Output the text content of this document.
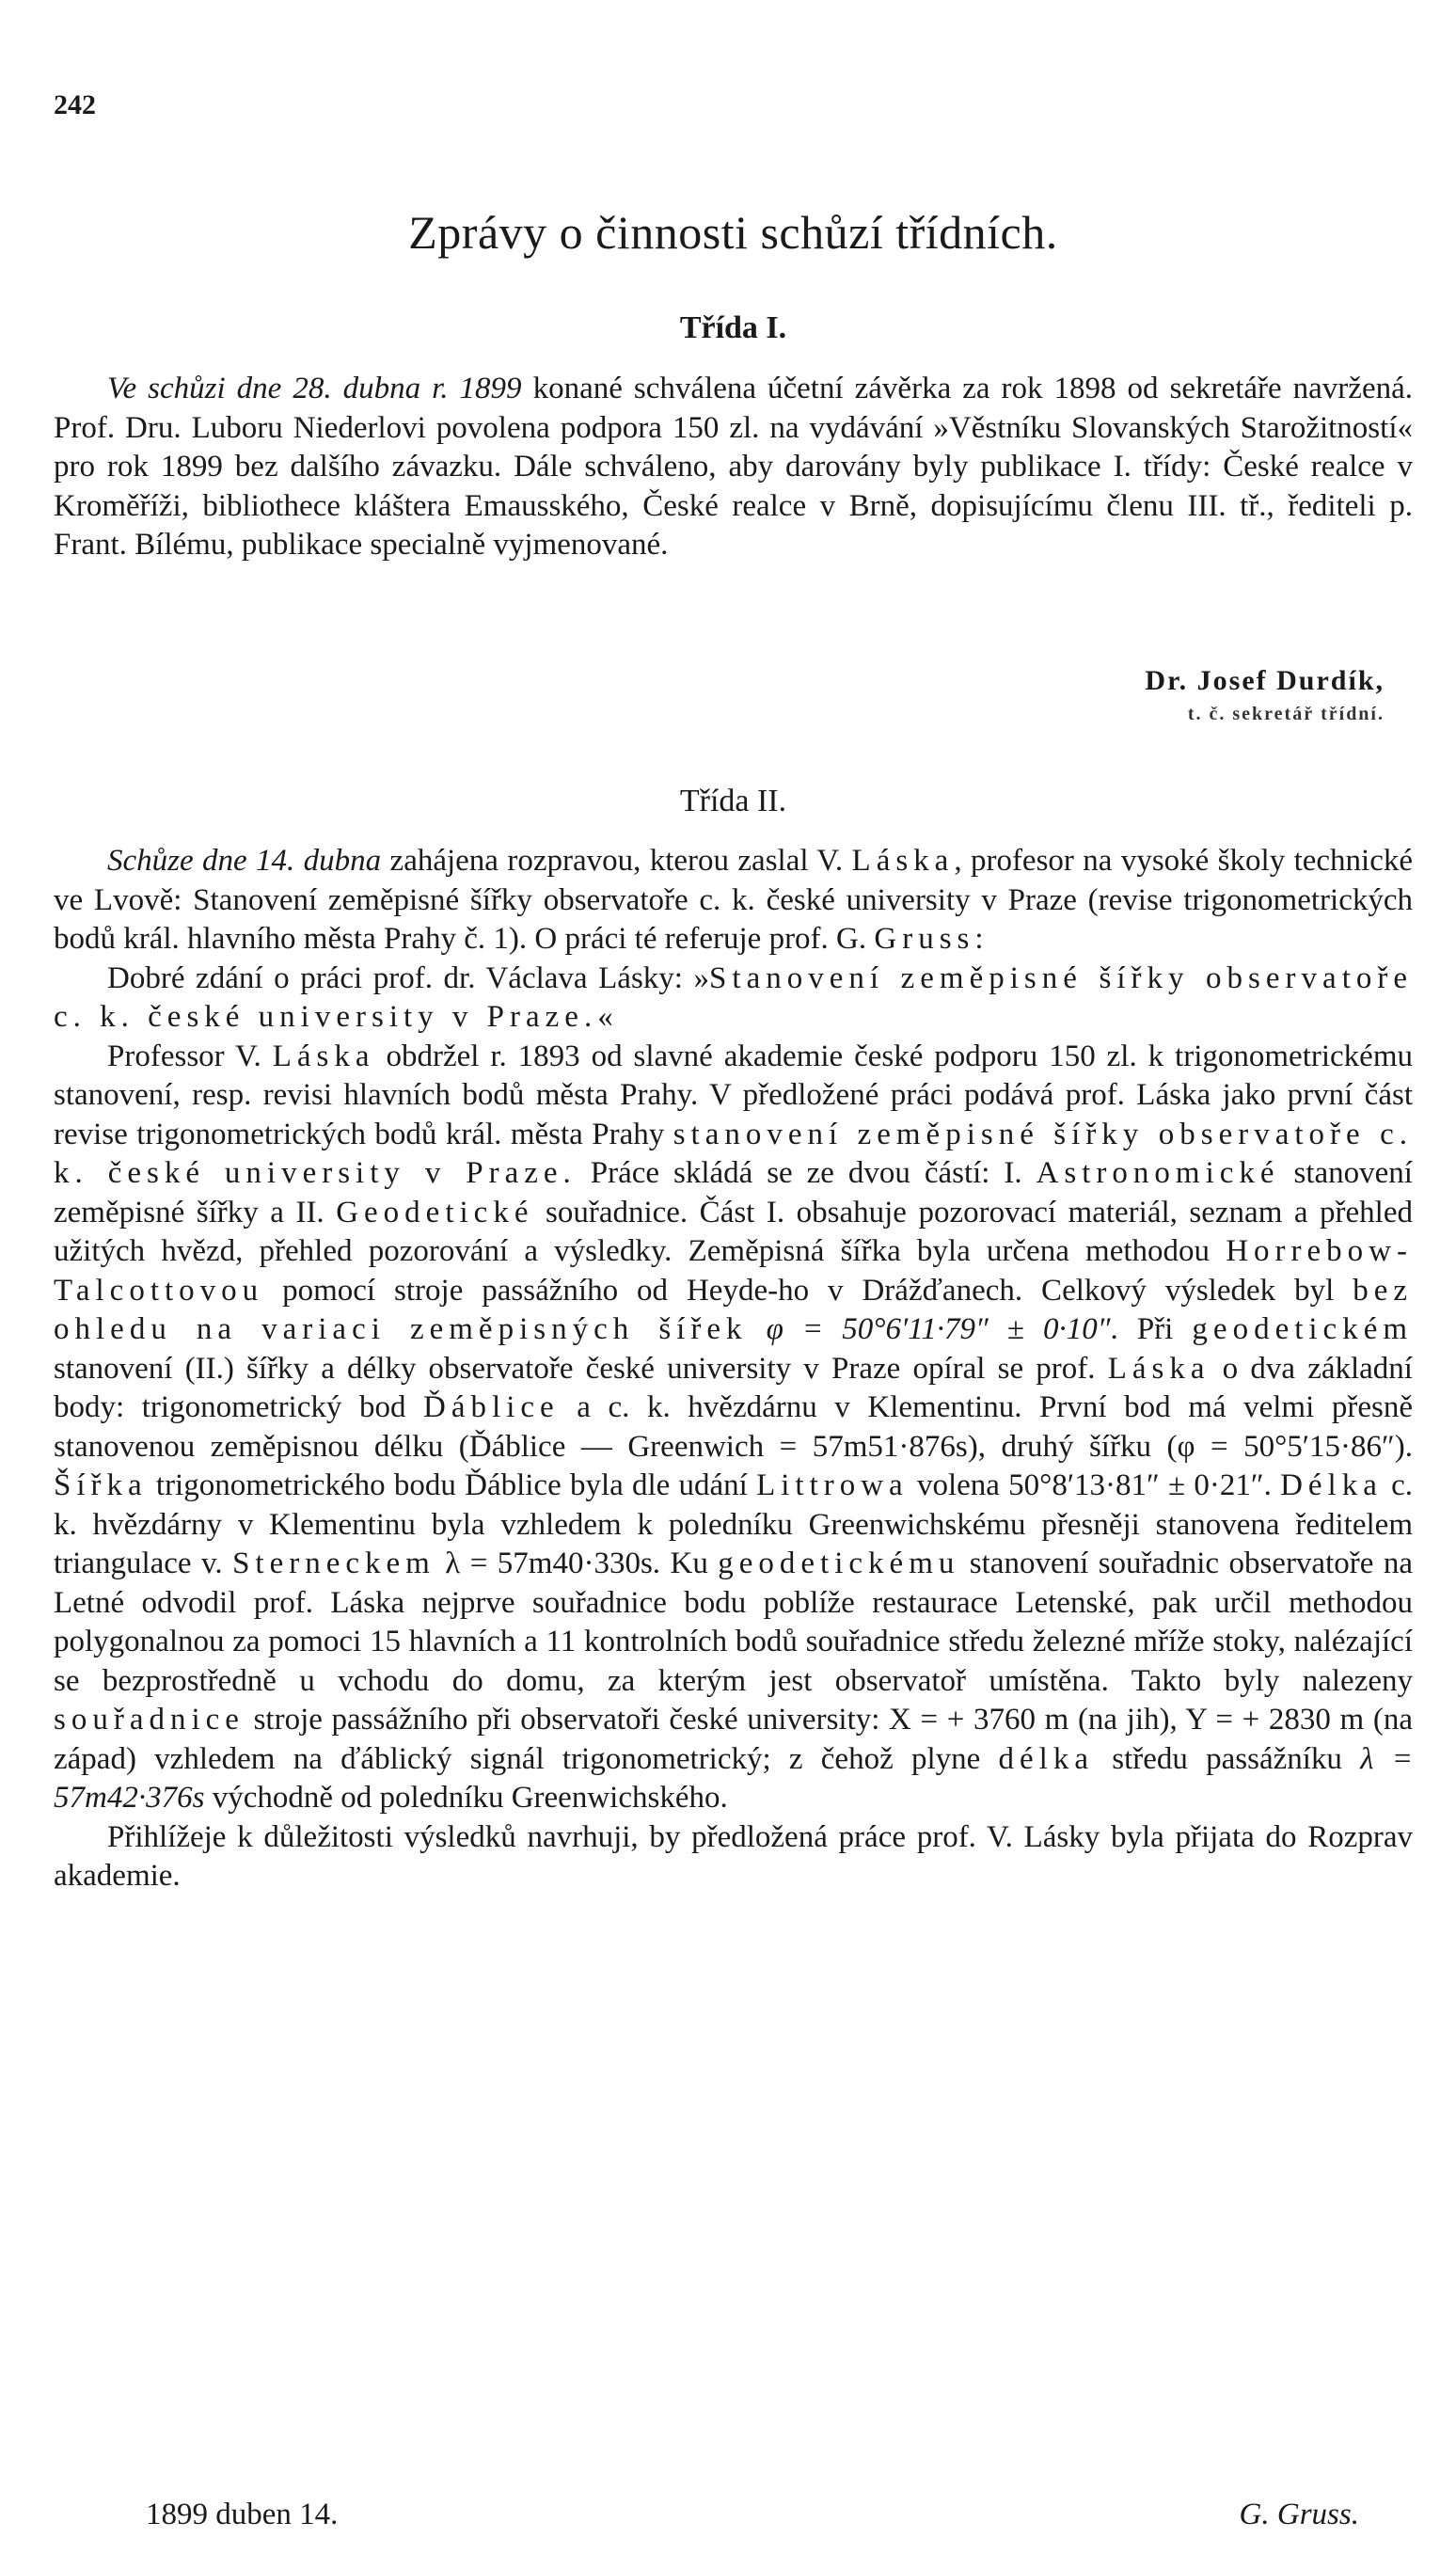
242
Zprávy o činnosti schůzí třídních.
Třída I.

Ve schůzi dne 28. dubna r. 1899 konané schválena účetní závěrka za rok 1898 od sekretáře navržená. Prof. Dru. Luboru Niederlovi povolena podpora 150 zl. na vydávání »Věstníku Slovanských Starožitností« pro rok 1899 bez dalšího závazku. Dále schváleno, aby darovány byly publikace I. třídy: České realce v Kroměříži, bibliothece kláštera Emausského, České realce v Brně, dopisujícímu členu III. tř., řediteli p. Frant. Bílému, publikace specialně vyjmenované.

Dr. Josef Durdík,
t. č. sekretář třídní.
Třída II.

Schůze dne 14. dubna zahájena rozpravou, kterou zaslal V. Láska, profesor na vysoké školy technické ve Lvově: Stanovení zeměpisné šířky observatoře c. k. české university v Praze (revise trigonometrických bodů král. hlavního města Prahy č. 1). O práci té referuje prof. G. Gruss:

Dobré zdání o práci prof. dr. Václava Lásky: »Stanovení zeměpisné šířky observatoře c. k. české university v Praze.«

Professor V. Láska obdržel r. 1893 od slavné akademie české podporu 150 zl. k trigonometrickému stanovení, resp. revisi hlavních bodů města Prahy. V předložené práci podává prof. Láska jako první část revise trigonometrických bodů král. města Prahy stanovení zeměpisné šířky observatoře c. k. české university v Praze. Práce skládá se ze dvou částí: I. Astronomické stanovení zeměpisné šířky a II. Geodetické souřadnice. Část I. obsahuje pozorovací materiál, seznam a přehled užitých hvězd, přehled pozorování a výsledky. Zeměpisná šířka byla určena methodou Horrebow-Talcottovou pomocí stroje passážního od Heyde-ho v Drážďanech. Celkový výsledek byl bez ohledu na variaci zeměpisných šířek φ = 50°6′11·79″ ± 0·10″. Při geodetickém stanovení (II.) šířky a délky observatoře české university v Praze opíral se prof. Láska o dva základní body: trigonometrický bod Ďáblice a c. k. hvězdárnu v Klementinu. První bod má velmi přesně stanovenou zeměpisnou délku (Ďáblice — Greenwich = 57m51·876s), druhý šířku (φ = 50°5′15·86″). Šířka trigonometrického bodu Ďáblice byla dle udání Littrowa volena 50°8′13·81″ ± 0·21″. Délka c. k. hvězdárny v Klementinu byla vzhledem k poledníku Greenwichskému přesněji stanovena ředitelem triangulace v. Sterneckem λ = 57m40·330s. Ku geodetickému stanovení souřadnic observatoře na Letné odvodil prof. Láska nejprve souřadnice bodu poblíže restaurace Letenské, pak určil methodou polygonalnou za pomoci 15 hlavních a 11 kontrolních bodů souřadnice středu železné mříže stoky, nalézající se bezprostředně u vchodu do domu, za kterým jest observatoř umístěna. Takto byly nalezeny souřadnice stroje passážního při observatoři české university: X = + 3760 m (na jih), Y = + 2830 m (na západ) vzhledem na ďáblický signál trigonometrický; z čehož plyne délka středu passážníku λ = 57m42·376s východně od poledníku Greenwichského.

Přihlížeje k důležitosti výsledků navrhuji, by předložená práce prof. V. Lásky byla přijata do Rozprav akademie.

1899 duben 14.	G. Gruss.
